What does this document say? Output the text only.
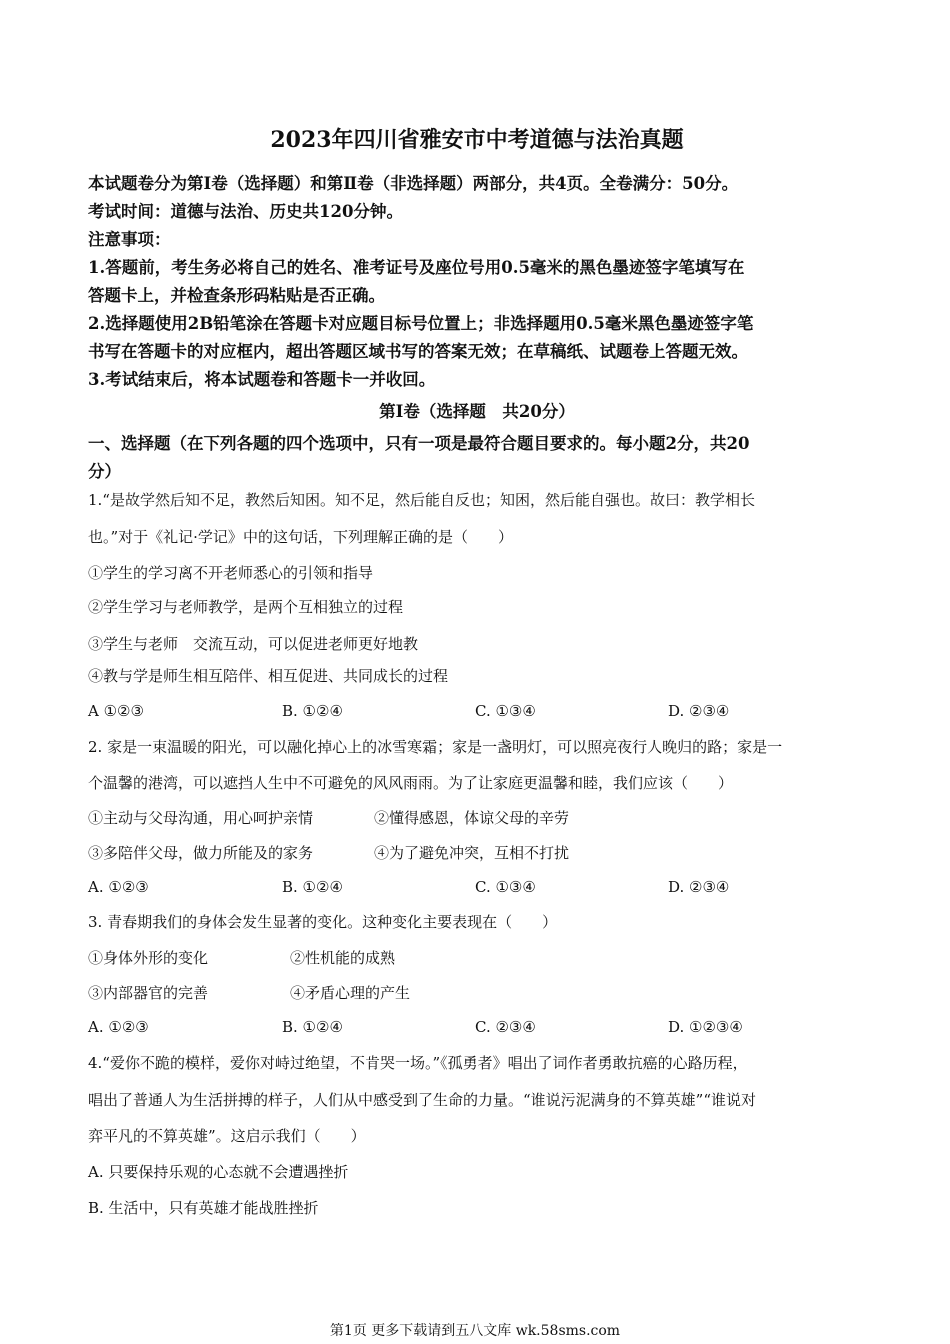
2023年四川省雅安市中考道德与法治真题
本试题卷分为第Ⅰ卷（选择题）和第Ⅱ卷（非选择题）两部分，共4页。全卷满分：50分。
考试时间：道德与法治、历史共120分钟。
注意事项：
1.答题前，考生务必将自己的姓名、准考证号及座位号用0.5毫米的黑色墨迹签字笔填写在
答题卡上，并检查条形码粘贴是否正确。
2.选择题使用2B铅笔涂在答题卡对应题目标号位置上；非选择题用0.5毫米黑色墨迹签字笔
书写在答题卡的对应框内，超出答题区域书写的答案无效；在草稿纸、试题卷上答题无效。
3.考试结束后，将本试题卷和答题卡一并收回。
第Ⅰ卷（选择题　共20分）
一、选择题（在下列各题的四个选项中，只有一项是最符合题目要求的。每小题2分，共20
分）
1.“是故学然后知不足，教然后知困。知不足，然后能自反也；知困，然后能自强也。故曰：教学相长
也。”对于《礼记·学记》中的这句话，下列理解正确的是（　　）
①学生的学习离不开老师悉心的引领和指导
②学生学习与老师教学，是两个互相独立的过程
③学生与老师　交流互动，可以促进老师更好地教
④教与学是师生相互陪伴、相互促进、共同成长的过程
A ①②③	B. ①②④	C. ①③④	D. ②③④
2. 家是一束温暖的阳光，可以融化掉心上的冰雪寒霜；家是一盏明灯，可以照亮夜行人晚归的路；家是一
个温馨的港湾，可以遮挡人生中不可避免的风风雨雨。为了让家庭更温馨和睦，我们应该（　　）
①主动与父母沟通，用心呵护亲情	②懂得感恩，体谅父母的辛劳
③多陪伴父母，做力所能及的家务	④为了避免冲突，互相不打扰
A. ①②③	B. ①②④	C. ①③④	D. ②③④
3. 青春期我们的身体会发生显著的变化。这种变化主要表现在（　　）
①身体外形的变化	②性机能的成熟
③内部器官的完善	④矛盾心理的产生
A. ①②③	B. ①②④	C. ②③④	D. ①②③④
4.“爱你不跪的模样，爱你对峙过绝望，不肯哭一场。”《孤勇者》唱出了词作者勇敢抗癌的心路历程，
唱出了普通人为生活拼搏的样子，人们从中感受到了生命的力量。“谁说污泥满身的不算英雄”“谁说对
弈平凡的不算英雄”。这启示我们（　　）
A. 只要保持乐观的心态就不会遭遇挫折
B. 生活中，只有英雄才能战胜挫折
第1页 更多下载请到五八文库 wk.58sms.com
